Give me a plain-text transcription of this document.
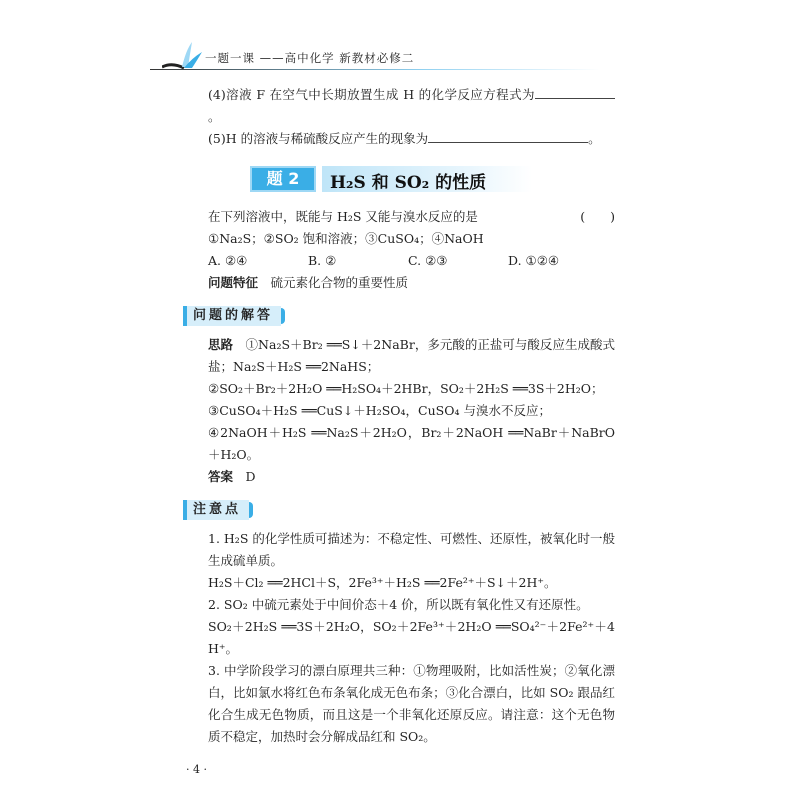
一题一课 ——高中化学 新教材必修二
(4)溶液 F 在空气中长期放置生成 H 的化学反应方程式为。
(5)H 的溶液与稀硫酸反应产生的现象为	。
题 2	H₂S 和 SO₂ 的性质
(　　)
在下列溶液中，既能与 H₂S 又能与溴水反应的是
①Na₂S；②SO₂ 饱和溶液；③CuSO₄；④NaOH
A. ②④	B. ②	C. ②③	D. ①②④
问题特征　 硫元素化合物的重要性质
问题的解答
思路　 ①Na₂S＋Br₂ ══S↓＋2NaBr，多元酸的正盐可与酸反应生成酸式盐；Na₂S＋H₂S ══2NaHS；
②SO₂＋Br₂＋2H₂O ══H₂SO₄＋2HBr，SO₂＋2H₂S ══3S＋2H₂O；
③CuSO₄＋H₂S ══CuS↓＋H₂SO₄，CuSO₄ 与溴水不反应；
④2NaOH＋H₂S ══Na₂S＋2H₂O，Br₂＋2NaOH ══NaBr＋NaBrO＋H₂O。
答案　 D
注意点
1. H₂S 的化学性质可描述为：不稳定性、可燃性、还原性，被氧化时一般生成硫单质。
H₂S＋Cl₂ ══2HCl＋S，2Fe³⁺＋H₂S ══2Fe²⁺＋S↓＋2H⁺。
2. SO₂ 中硫元素处于中间价态＋4 价，所以既有氧化性又有还原性。
SO₂＋2H₂S ══3S＋2H₂O，SO₂＋2Fe³⁺＋2H₂O ══SO₄²⁻＋2Fe²⁺＋4H⁺。
3. 中学阶段学习的漂白原理共三种：①物理吸附，比如活性炭；②氧化漂白，比如氯水将红色布条氧化成无色布条；③化合漂白，比如 SO₂ 跟品红化合生成无色物质，而且这是一个非氧化还原反应。请注意：这个无色物质不稳定，加热时会分解成品红和 SO₂。
· 4 ·
